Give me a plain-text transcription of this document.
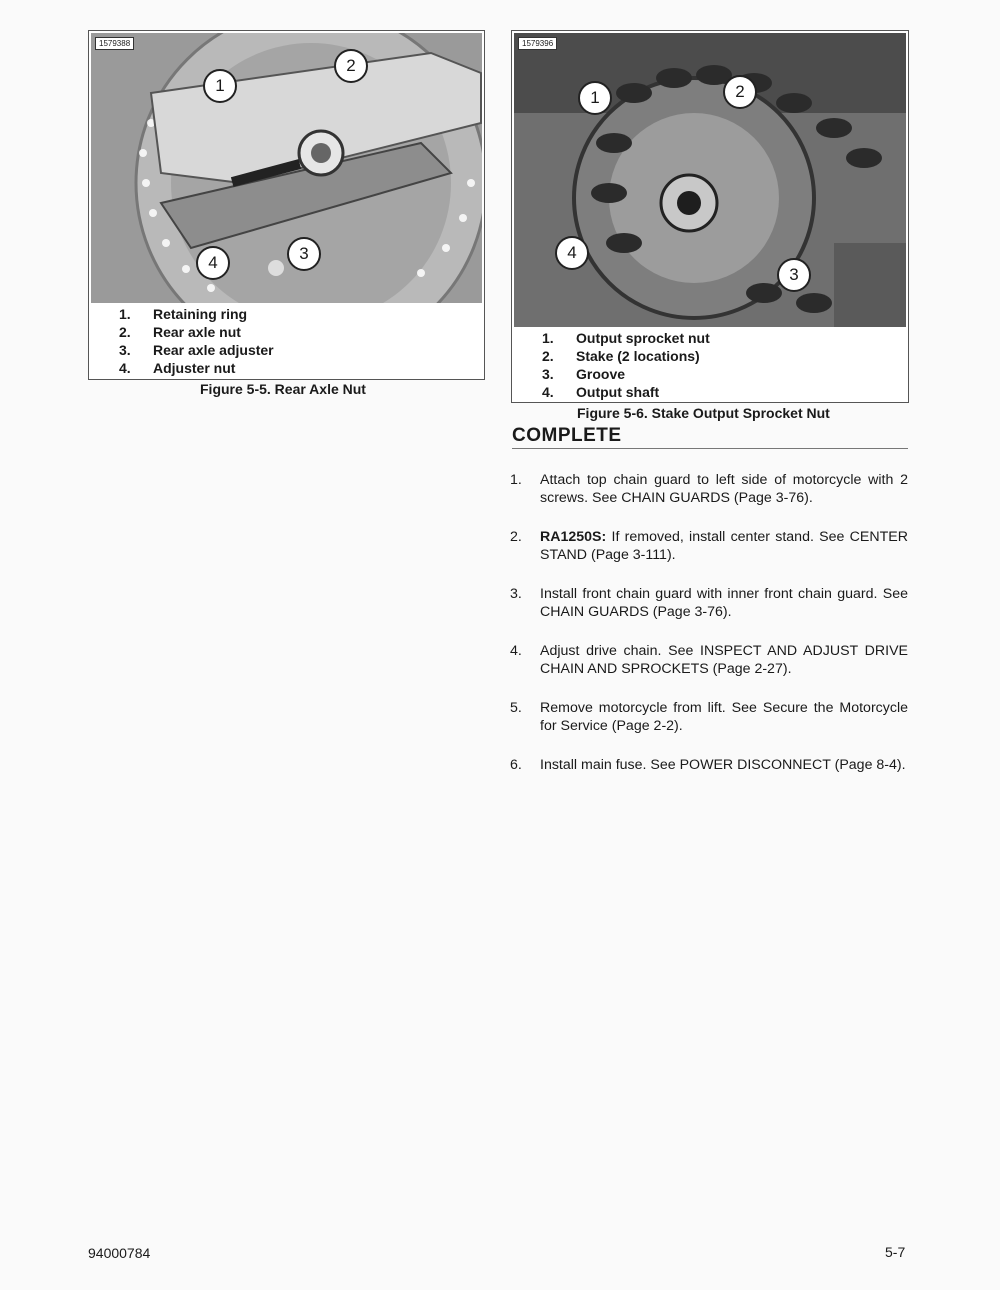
1579388
1
2
3
4
1. Retaining ring
2. Rear axle nut
3. Rear axle adjuster
4. Adjuster nut
Figure 5-5. Rear Axle Nut
1579396
1	2
3
4
1. Output sprocket nut
2. Stake (2 locations)
3. Groove
4. Output shaft
Figure 5-6. Stake Output Sprocket Nut
COMPLETE
1. Attach top chain guard to left side of motorcycle with 2 screws. See CHAIN GUARDS (Page 3-76).
2. RA1250S: If removed, install center stand. See CENTER STAND (Page 3-111).
3. Install front chain guard with inner front chain guard. See CHAIN GUARDS (Page 3-76).
4. Adjust drive chain. See INSPECT AND ADJUST DRIVE CHAIN AND SPROCKETS (Page 2-27).
5. Remove motorcycle from lift. See Secure the Motorcycle for Service (Page 2-2).
6. Install main fuse. See POWER DISCONNECT (Page 8-4).
94000784	5-7
